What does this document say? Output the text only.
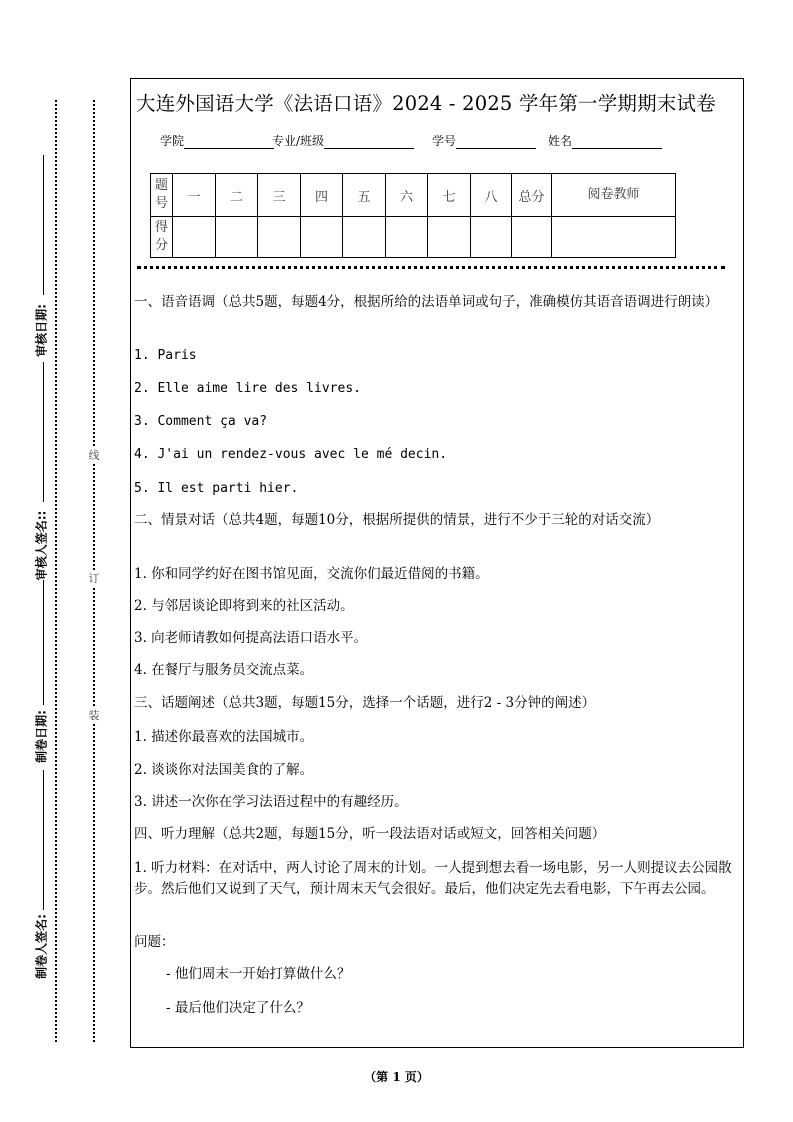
线
订
装
审核日期:
审核人签名::
制卷日期:
制卷人签名:
大连外国语大学《法语口语》2024 - 2025 学年第一学期期末试卷
学院	专业/班级	学号	姓名
题号	一	二	三	四	五	六	七	八	总分	阅卷教师
得分										
一、语音语调（总共5题，每题4分，根据所给的法语单词或句子，准确模仿其语音语调进行朗读）
1. Paris
2. Elle aime lire des livres.
3. Comment ça va?
4. J'ai un rendez-vous avec le mé decin.
5. Il est parti hier.
二、情景对话（总共4题，每题10分，根据所提供的情景，进行不少于三轮的对话交流）
1. 你和同学约好在图书馆见面，交流你们最近借阅的书籍。
2. 与邻居谈论即将到来的社区活动。
3. 向老师请教如何提高法语口语水平。
4. 在餐厅与服务员交流点菜。
三、话题阐述（总共3题，每题15分，选择一个话题，进行2 - 3分钟的阐述）
1. 描述你最喜欢的法国城市。
2. 谈谈你对法国美食的了解。
3. 讲述一次你在学习法语过程中的有趣经历。
四、听力理解（总共2题，每题15分，听一段法语对话或短文，回答相关问题）
1. 听力材料：在对话中，两人讨论了周末的计划。一人提到想去看一场电影，另一人则提议去公园散步。然后他们又说到了天气，预计周末天气会很好。最后，他们决定先去看电影，下午再去公园。
问题：
- 他们周末一开始打算做什么？
- 最后他们决定了什么？
（第 1 页）
